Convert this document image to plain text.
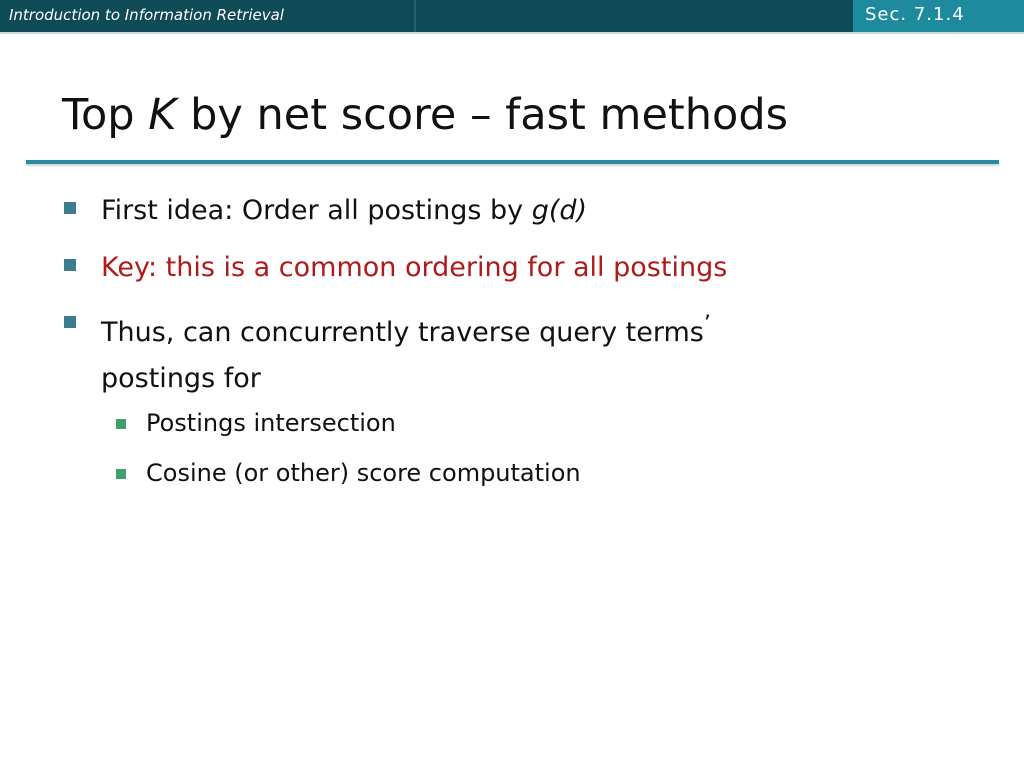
Introduction to Information Retrieval	Sec. 7.1.4
Top K by net score – fast methods
First idea: Order all postings by g(d)
Key: this is a common ordering for all postings
Thus, can concurrently traverse query terms’
postings for
Postings intersection
Cosine (or other) score computation
